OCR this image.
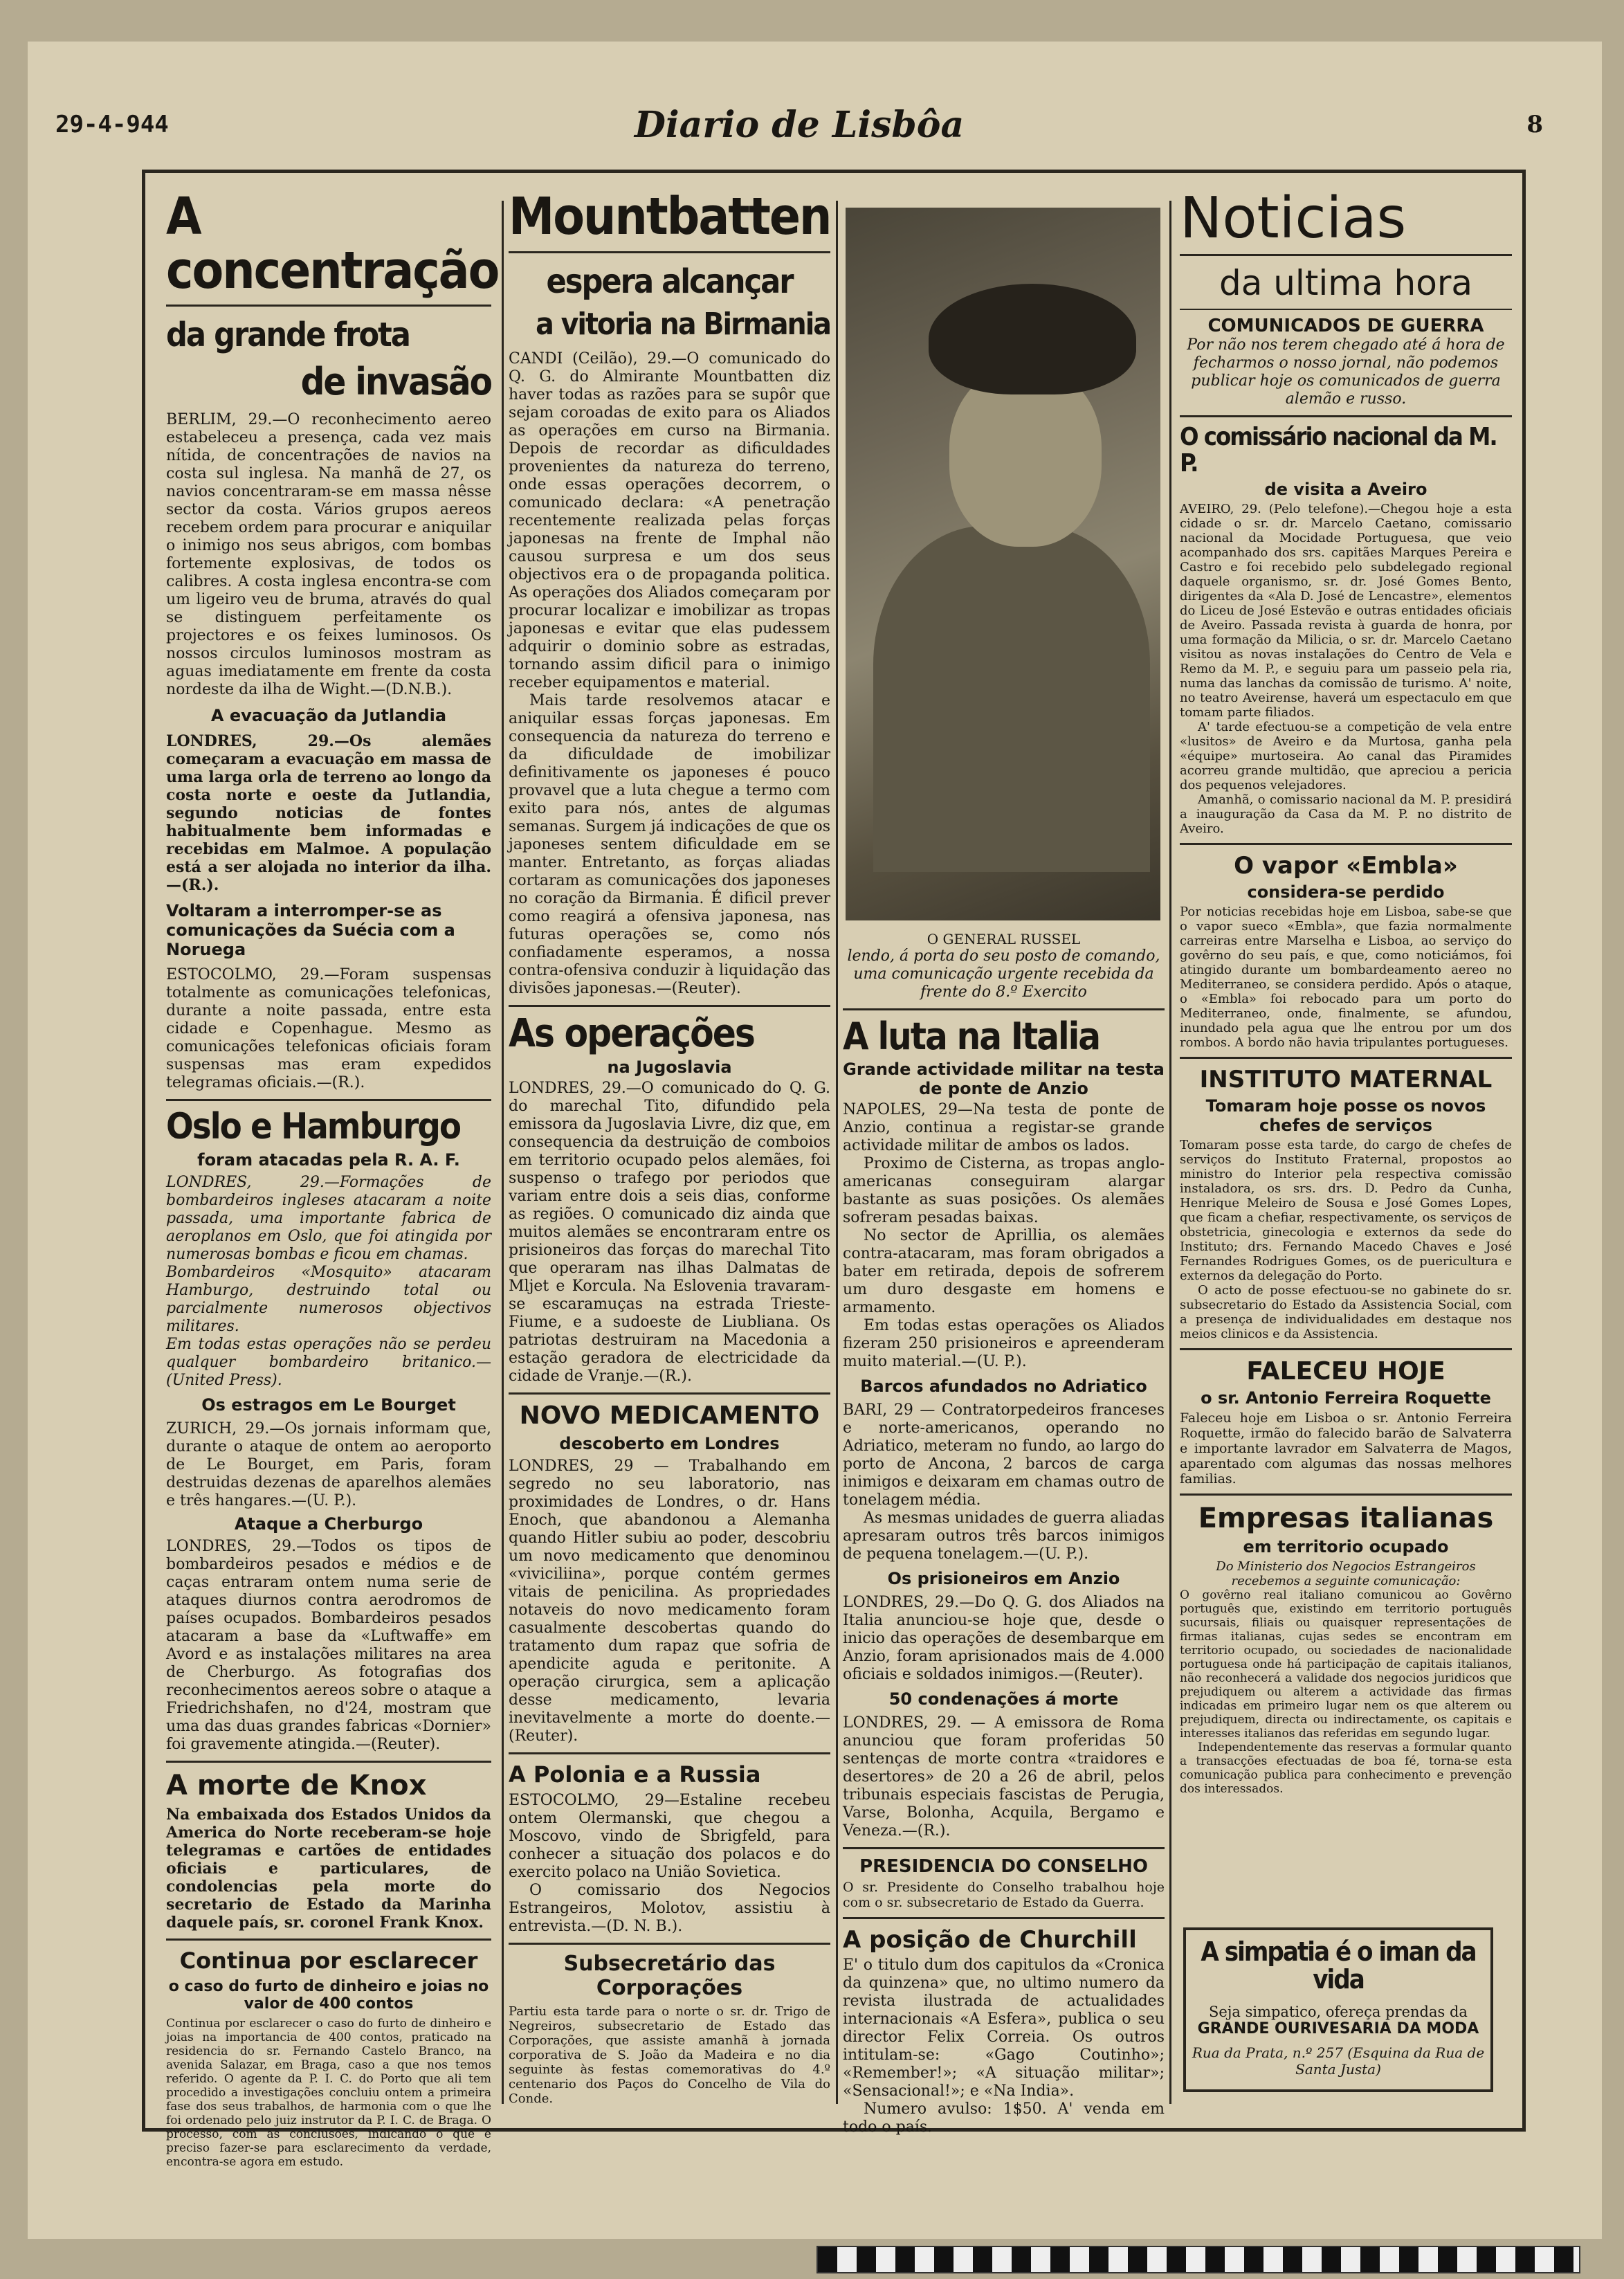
29-4-944	Diario de Lisbôa	8
A concentração
da grande frota
de invasão
BERLIM, 29.—O reconhecimento aereo estabeleceu a presença, cada vez mais nítida, de concentrações de navios na costa sul inglesa. Na manhã de 27, os navios concentraram-se em massa nêsse sector da costa. Vários grupos aereos recebem ordem para procurar e aniquilar o inimigo nos seus abrigos, com bombas fortemente explosivas, de todos os calibres. A costa inglesa encontra-se com um ligeiro veu de bruma, através do qual se distinguem perfeitamente os projectores e os feixes luminosos. Os nossos circulos luminosos mostram as aguas imediatamente em frente da costa nordeste da ilha de Wight.—(D.N.B.).
A evacuação da Jutlandia
LONDRES, 29.—Os alemães começaram a evacuação em massa de uma larga orla de terreno ao longo da costa norte e oeste da Jutlandia, segundo noticias de fontes habitualmente bem informadas e recebidas em Malmoe. A população está a ser alojada no interior da ilha.—(R.).
Voltaram a interromper-se as comunicações da Suécia com a Noruega
ESTOCOLMO, 29.—Foram suspensas totalmente as comunicações telefonicas, durante a noite passada, entre esta cidade e Copenhague. Mesmo as comunicações telefonicas oficiais foram suspensas mas eram expedidos telegramas oficiais.—(R.).
Oslo e Hamburgo
foram atacadas pela R. A. F.
LONDRES, 29.—Formações de bombardeiros ingleses atacaram a noite passada, uma importante fabrica de aeroplanos em Oslo, que foi atingida por numerosas bombas e ficou em chamas.
Bombardeiros «Mosquito» atacaram Hamburgo, destruindo total ou parcialmente numerosos objectivos militares.
Em todas estas operações não se perdeu qualquer bombardeiro britanico.—(United Press).
Os estragos em Le Bourget
ZURICH, 29.—Os jornais informam que, durante o ataque de ontem ao aeroporto de Le Bourget, em Paris, foram destruidas dezenas de aparelhos alemães e três hangares.—(U. P.).
Ataque a Cherburgo
LONDRES, 29.—Todos os tipos de bombardeiros pesados e médios e de caças entraram ontem numa serie de ataques diurnos contra aerodromos de países ocupados. Bombardeiros pesados atacaram a base da «Luftwaffe» em Avord e as instalações militares na area de Cherburgo. As fotografias dos reconhecimentos aereos sobre o ataque a Friedrichshafen, no d'24, mostram que uma das duas grandes fabricas «Dornier» foi gravemente atingida.—(Reuter).
A morte de Knox
Na embaixada dos Estados Unidos da America do Norte receberam-se hoje telegramas e cartões de entidades oficiais e particulares, de condolencias pela morte do secretario de Estado da Marinha daquele país, sr. coronel Frank Knox.
Continua por esclarecer
o caso do furto de dinheiro e joias no valor de 400 contos
Continua por esclarecer o caso do furto de dinheiro e joias na importancia de 400 contos, praticado na residencia do sr. Fernando Castelo Branco, na avenida Salazar, em Braga, caso a que nos temos referido. O agente da P. I. C. do Porto que ali tem procedido a investigações concluiu ontem a primeira fase dos seus trabalhos, de harmonia com o que lhe foi ordenado pelo juiz instrutor da P. I. C. de Braga. O processo, com as conclusões, indicando o que é preciso fazer-se para esclarecimento da verdade, encontra-se agora em estudo.
Mountbatten
espera alcançar
a vitoria na Birmania
CANDI (Ceilão), 29.—O comunicado do Q. G. do Almirante Mountbatten diz haver todas as razões para se supôr que sejam coroadas de exito para os Aliados as operações em curso na Birmania. Depois de recordar as dificuldades provenientes da natureza do terreno, onde essas operações decorrem, o comunicado declara: «A penetração recentemente realizada pelas forças japonesas na frente de Imphal não causou surpresa e um dos seus objectivos era o de propaganda politica. As operações dos Aliados começaram por procurar localizar e imobilizar as tropas japonesas e evitar que elas pudessem adquirir o dominio sobre as estradas, tornando assim dificil para o inimigo receber equipamentos e material.
Mais tarde resolvemos atacar e aniquilar essas forças japonesas. Em consequencia da natureza do terreno e da dificuldade de imobilizar definitivamente os japoneses é pouco provavel que a luta chegue a termo com exito para nós, antes de algumas semanas. Surgem já indicações de que os japoneses sentem dificuldade em se manter. Entretanto, as forças aliadas cortaram as comunicações dos japoneses no coração da Birmania. É dificil prever como reagirá a ofensiva japonesa, nas futuras operações se, como nós confiadamente esperamos, a nossa contra-ofensiva conduzir à liquidação das divisões japonesas.—(Reuter).
As operações
na Jugoslavia
LONDRES, 29.—O comunicado do Q. G. do marechal Tito, difundido pela emissora da Jugoslavia Livre, diz que, em consequencia da destruição de comboios em territorio ocupado pelos alemães, foi suspenso o trafego por periodos que variam entre dois a seis dias, conforme as regiões. O comunicado diz ainda que muitos alemães se encontraram entre os prisioneiros das forças do marechal Tito que operaram nas ilhas Dalmatas de Mljet e Korcula. Na Eslovenia travaram-se escaramuças na estrada Trieste-Fiume, e a sudoeste de Liubliana. Os patriotas destruiram na Macedonia a estação geradora de electricidade da cidade de Vranje.—(R.).
NOVO MEDICAMENTO
descoberto em Londres
LONDRES, 29 — Trabalhando em segredo no seu laboratorio, nas proximidades de Londres, o dr. Hans Enoch, que abandonou a Alemanha quando Hitler subiu ao poder, descobriu um novo medicamento que denominou «viviciliina», porque contém germes vitais de penicilina. As propriedades notaveis do novo medicamento foram casualmente descobertas quando do tratamento dum rapaz que sofria de apendicite aguda e peritonite. A operação cirurgica, sem a aplicação desse medicamento, levaria inevitavelmente a morte do doente.—(Reuter).
A Polonia e a Russia
ESTOCOLMO, 29—Estaline recebeu ontem Olermanski, que chegou a Moscovo, vindo de Sbrigfeld, para conhecer a situação dos polacos e do exercito polaco na União Sovietica.
O comissario dos Negocios Estrangeiros, Molotov, assistiu à entrevista.—(D. N. B.).
Subsecretário das Corporações
Partiu esta tarde para o norte o sr. dr. Trigo de Negreiros, subsecretario de Estado das Corporações, que assiste amanhã à jornada corporativa de S. João da Madeira e no dia seguinte às festas comemorativas do 4.º centenario dos Paços do Concelho de Vila do Conde.
O GENERAL RUSSEL
lendo, á porta do seu posto de comando, uma comunicação urgente recebida da frente do 8.º Exercito
A luta na Italia
Grande actividade militar na testa de ponte de Anzio
NAPOLES, 29—Na testa de ponte de Anzio, continua a registar-se grande actividade militar de ambos os lados.
Proximo de Cisterna, as tropas anglo-americanas conseguiram alargar bastante as suas posições. Os alemães sofreram pesadas baixas.
No sector de Aprillia, os alemães contra-atacaram, mas foram obrigados a bater em retirada, depois de sofrerem um duro desgaste em homens e armamento.
Em todas estas operações os Aliados fizeram 250 prisioneiros e apreenderam muito material.—(U. P.).
Barcos afundados no Adriatico
BARI, 29 — Contratorpedeiros franceses e norte-americanos, operando no Adriatico, meteram no fundo, ao largo do porto de Ancona, 2 barcos de carga inimigos e deixaram em chamas outro de tonelagem média.
As mesmas unidades de guerra aliadas apresaram outros três barcos inimigos de pequena tonelagem.—(U. P.).
Os prisioneiros em Anzio
LONDRES, 29.—Do Q. G. dos Aliados na Italia anunciou-se hoje que, desde o inicio das operações de desembarque em Anzio, foram aprisionados mais de 4.000 oficiais e soldados inimigos.—(Reuter).
50 condenações á morte
LONDRES, 29. — A emissora de Roma anunciou que foram proferidas 50 sentenças de morte contra «traidores e desertores» de 20 a 26 de abril, pelos tribunais especiais fascistas de Perugia, Varse, Bolonha, Acquila, Bergamo e Veneza.—(R.).
PRESIDENCIA DO CONSELHO
O sr. Presidente do Conselho trabalhou hoje com o sr. subsecretario de Estado da Guerra.
A posição de Churchill
E' o titulo dum dos capitulos da «Cronica da quinzena» que, no ultimo numero da revista ilustrada de actualidades internacionais «A Esfera», publica o seu director Felix Correia. Os outros intitulam-se: «Gago Coutinho»; «Remember!»; «A situação militar»; «Sensacional!»; e «Na India».
Numero avulso: 1$50. A' venda em todo o país.
Noticias
da ultima hora
COMUNICADOS DE GUERRA
Por não nos terem chegado até á hora de fecharmos o nosso jornal, não podemos publicar hoje os comunicados de guerra alemão e russo.
O comissário nacional da M. P.
de visita a Aveiro
AVEIRO, 29. (Pelo telefone).—Chegou hoje a esta cidade o sr. dr. Marcelo Caetano, comissario nacional da Mocidade Portuguesa, que veio acompanhado dos srs. capitães Marques Pereira e Castro e foi recebido pelo subdelegado regional daquele organismo, sr. dr. José Gomes Bento, dirigentes da «Ala D. José de Lencastre», elementos do Liceu de José Estevão e outras entidades oficiais de Aveiro. Passada revista à guarda de honra, por uma formação da Milicia, o sr. dr. Marcelo Caetano visitou as novas instalações do Centro de Vela e Remo da M. P., e seguiu para um passeio pela ria, numa das lanchas da comissão de turismo. A' noite, no teatro Aveirense, haverá um espectaculo em que tomam parte filiados.
A' tarde efectuou-se a competição de vela entre «lusitos» de Aveiro e da Murtosa, ganha pela «équipe» murtoseira. Ao canal das Piramides acorreu grande multidão, que apreciou a pericia dos pequenos velejadores.
Amanhã, o comissario nacional da M. P. presidirá a inauguração da Casa da M. P. no distrito de Aveiro.
O vapor «Embla»
considera-se perdido
Por noticias recebidas hoje em Lisboa, sabe-se que o vapor sueco «Embla», que fazia normalmente carreiras entre Marselha e Lisboa, ao serviço do govêrno do seu país, e que, como noticiámos, foi atingido durante um bombardeamento aereo no Mediterraneo, se considera perdido. Após o ataque, o «Embla» foi rebocado para um porto do Mediterraneo, onde, finalmente, se afundou, inundado pela agua que lhe entrou por um dos rombos. A bordo não havia tripulantes portugueses.
INSTITUTO MATERNAL
Tomaram hoje posse os novos chefes de serviços
Tomaram posse esta tarde, do cargo de chefes de serviços do Instituto Fraternal, propostos ao ministro do Interior pela respectiva comissão instaladora, os srs. drs. D. Pedro da Cunha, Henrique Meleiro de Sousa e José Gomes Lopes, que ficam a chefiar, respectivamente, os serviços de obstetricia, ginecologia e externos da sede do Instituto; drs. Fernando Macedo Chaves e José Fernandes Rodrigues Gomes, os de puericultura e externos da delegação do Porto.
O acto de posse efectuou-se no gabinete do sr. subsecretario do Estado da Assistencia Social, com a presença de individualidades em destaque nos meios clinicos e da Assistencia.
FALECEU HOJE
o sr. Antonio Ferreira Roquette
Faleceu hoje em Lisboa o sr. Antonio Ferreira Roquette, irmão do falecido barão de Salvaterra e importante lavrador em Salvaterra de Magos, aparentado com algumas das nossas melhores familias.
Empresas italianas
em territorio ocupado
Do Ministerio dos Negocios Estrangeiros recebemos a seguinte comunicação:
O govêrno real italiano comunicou ao Govêrno português que, existindo em territorio português sucursais, filiais ou quaisquer representações de firmas italianas, cujas sedes se encontram em territorio ocupado, ou sociedades de nacionalidade portuguesa onde há participação de capitais italianos, não reconhecerá a validade dos negocios juridicos que prejudiquem ou alterem a actividade das firmas indicadas em primeiro lugar nem os que alterem ou prejudiquem, directa ou indirectamente, os capitais e interesses italianos das referidas em segundo lugar.
Independentemente das reservas a formular quanto a transacções efectuadas de boa fé, torna-se esta comunicação publica para conhecimento e prevenção dos interessados.
A simpatia é o iman da vida
Seja simpatico, ofereça prendas da
GRANDE OURIVESARIA DA MODA
Rua da Prata, n.º 257 (Esquina da Rua de Santa Justa)
